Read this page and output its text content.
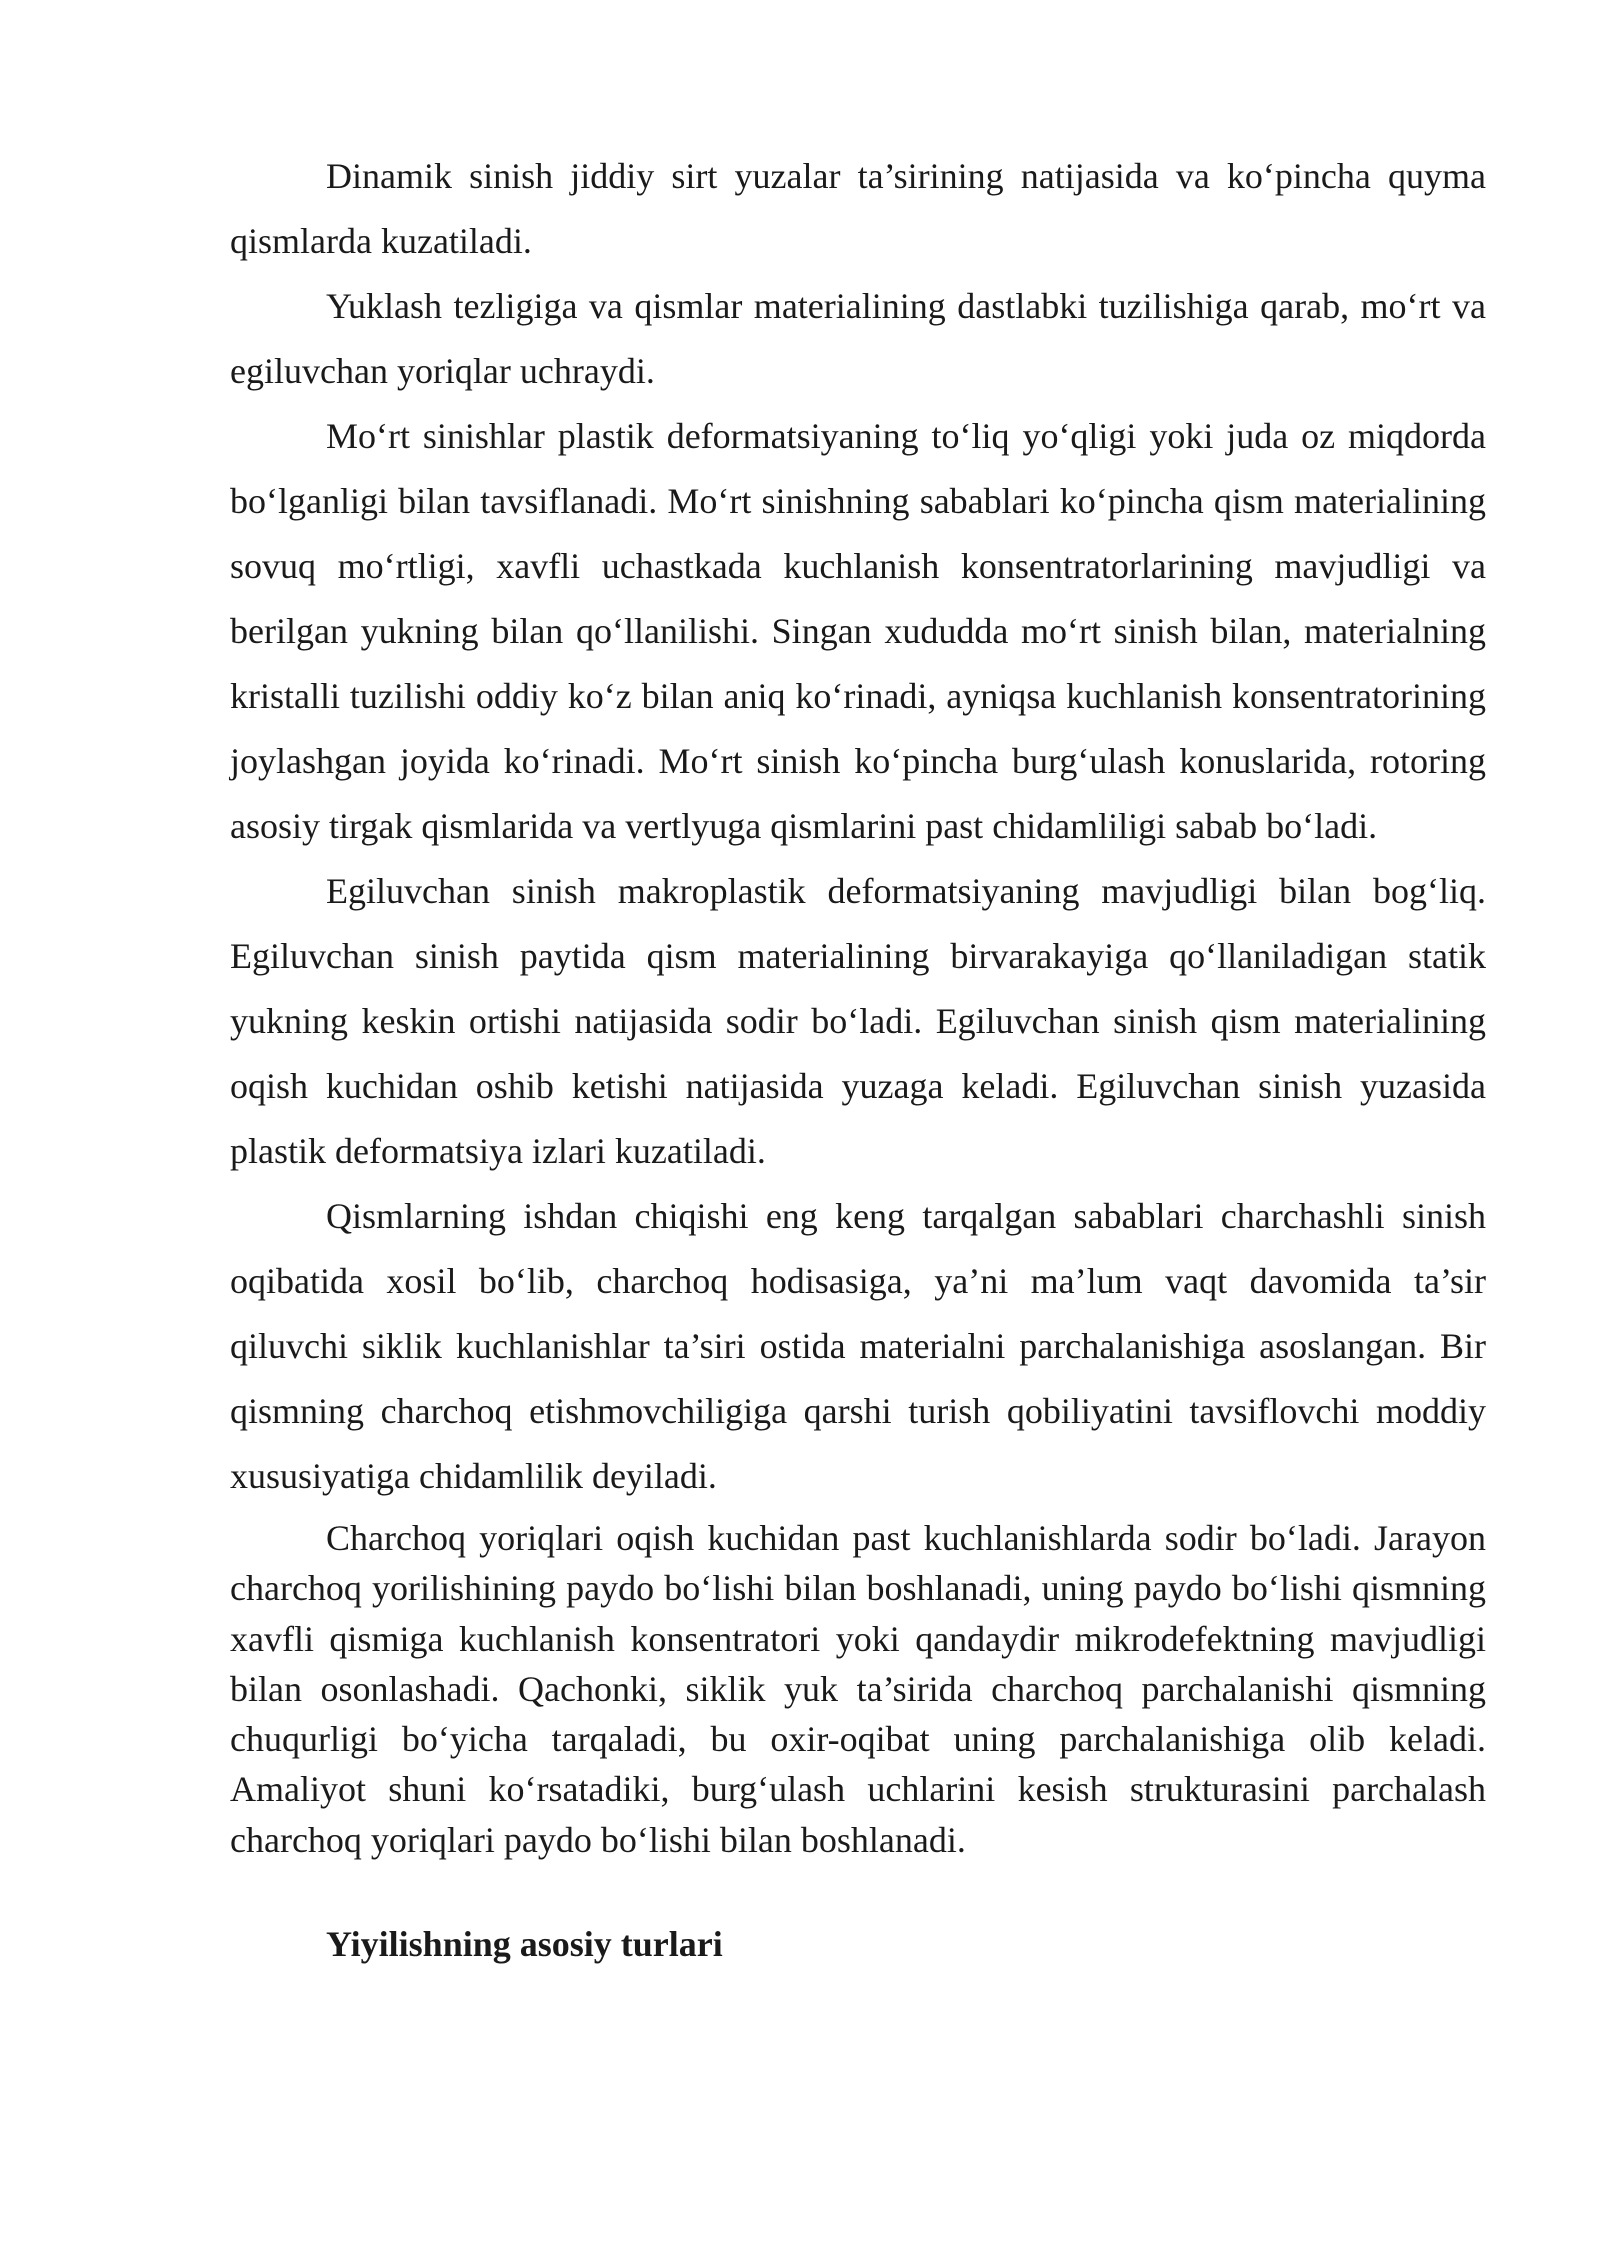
Dinamik sinish jiddiy sirt yuzalar ta’sirining natijasida va ko‘pincha quyma qismlarda kuzatiladi.

Yuklash tezligiga va qismlar materialining dastlabki tuzilishiga qarab, mo‘rt va egiluvchan yoriqlar uchraydi.

Mo‘rt sinishlar plastik deformatsiyaning to‘liq yo‘qligi yoki juda oz miqdorda bo‘lganligi bilan tavsiflanadi. Mo‘rt sinishning sabablari ko‘pincha qism materialining sovuq mo‘rtligi, xavfli uchastkada kuchlanish konsentratorlarining mavjudligi va berilgan yukning bilan qo‘llanilishi. Singan xududda mo‘rt sinish bilan, materialning kristalli tuzilishi oddiy ko‘z bilan aniq ko‘rinadi, ayniqsa kuchlanish konsentratorining joylashgan joyida ko‘rinadi. Mo‘rt sinish ko‘pincha burg‘ulash konuslarida, rotoring asosiy tirgak qismlarida va vertlyuga qismlarini past chidamliligi sabab bo‘ladi.

Egiluvchan sinish makroplastik deformatsiyaning mavjudligi bilan bog‘liq. Egiluvchan sinish paytida qism materialining birvarakayiga qo‘llaniladigan statik yukning keskin ortishi natijasida sodir bo‘ladi. Egiluvchan sinish qism materialining oqish kuchidan oshib ketishi natijasida yuzaga keladi. Egiluvchan sinish yuzasida plastik deformatsiya izlari kuzatiladi.

Qismlarning ishdan chiqishi eng keng tarqalgan sabablari charchashli sinish oqibatida xosil bo‘lib, charchoq hodisasiga, ya’ni ma’lum vaqt davomida ta’sir qiluvchi siklik kuchlanishlar ta’siri ostida materialni parchalanishiga asoslangan. Bir qismning charchoq etishmovchiligiga qarshi turish qobiliyatini tavsiflovchi moddiy xususiyatiga chidamlilik deyiladi.

Charchoq yoriqlari oqish kuchidan past kuchlanishlarda sodir bo‘ladi. Jarayon charchoq yorilishining paydo bo‘lishi bilan boshlanadi, uning paydo bo‘lishi qismning xavfli qismiga kuchlanish konsentratori yoki qandaydir mikrodefektning mavjudligi bilan osonlashadi. Qachonki, siklik yuk ta’sirida charchoq parchalanishi qismning chuqurligi bo‘yicha tarqaladi, bu oxir-oqibat uning parchalanishiga olib keladi. Amaliyot shuni ko‘rsatadiki, burg‘ulash uchlarini kesish strukturasini parchalash charchoq yoriqlari paydo bo‘lishi bilan boshlanadi.

Yiyilishning asosiy turlari
